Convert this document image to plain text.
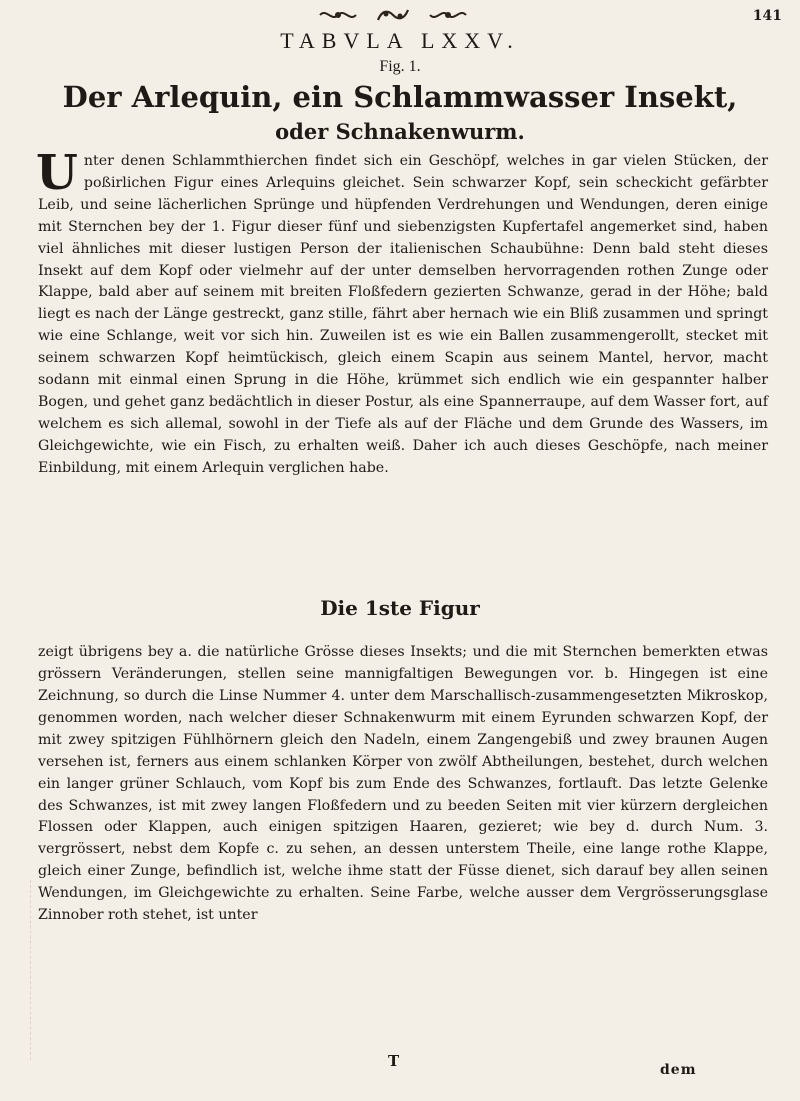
141
TABVLA LXXV.
Fig. 1.
Der Arlequin, ein Schlammwasser Insekt,
oder Schnakenwurm.

Unter denen Schlammthierchen findet sich ein Geschöpf, welches in gar vielen Stücken, der poßirlichen Figur eines Arlequins gleichet. Sein schwarzer Kopf, sein scheckicht gefärbter Leib, und seine lächerlichen Sprünge und hüpfenden Verdrehungen und Wendungen, deren einige mit Sternchen bey der 1. Figur dieser fünf und siebenzigsten Kupfertafel angemerket sind, haben viel ähnliches mit dieser lustigen Person der italienischen Schaubühne: Denn bald steht dieses Insekt auf dem Kopf oder vielmehr auf der unter demselben hervorragenden rothen Zunge oder Klappe, bald aber auf seinem mit breiten Floßfedern gezierten Schwanze, gerad in der Höhe; bald liegt es nach der Länge gestreckt, ganz stille, fährt aber hernach wie ein Bliß zusammen und springt wie eine Schlange, weit vor sich hin. Zuweilen ist es wie ein Ballen zusammengerollt, stecket mit seinem schwarzen Kopf heimtückisch, gleich einem Scapin aus seinem Mantel, hervor, macht sodann mit einmal einen Sprung in die Höhe, krümmet sich endlich wie ein gespannter halber Bogen, und gehet ganz bedächtlich in dieser Postur, als eine Spannerraupe, auf dem Wasser fort, auf welchem es sich allemal, sowohl in der Tiefe als auf der Fläche und dem Grunde des Wassers, im Gleichgewichte, wie ein Fisch, zu erhalten weiß. Daher ich auch dieses Geschöpfe, nach meiner Einbildung, mit einem Arlequin verglichen habe.

Die 1ste Figur

zeigt übrigens bey a. die natürliche Grösse dieses Insekts; und die mit Sternchen bemerkten etwas grössern Veränderungen, stellen seine mannigfaltigen Bewegungen vor. b. Hingegen ist eine Zeichnung, so durch die Linse Nummer 4. unter dem Marschallisch-zusammengesetzten Mikroskop, genommen worden, nach welcher dieser Schnakenwurm mit einem Eyrunden schwarzen Kopf, der mit zwey spitzigen Fühlhörnern gleich den Nadeln, einem Zangengebiß und zwey braunen Augen versehen ist, ferners aus einem schlanken Körper von zwölf Abtheilungen, bestehet, durch welchen ein langer grüner Schlauch, vom Kopf bis zum Ende des Schwanzes, fortlauft. Das letzte Gelenke des Schwanzes, ist mit zwey langen Floßfedern und zu beeden Seiten mit vier kürzern dergleichen Flossen oder Klappen, auch einigen spitzigen Haaren, gezieret; wie bey d. durch Num. 3. vergrössert, nebst dem Kopfe c. zu sehen, an dessen unterstem Theile, eine lange rothe Klappe, gleich einer Zunge, befindlich ist, welche ihme statt der Füsse dienet, sich darauf bey allen seinen Wendungen, im Gleichgewichte zu erhalten. Seine Farbe, welche ausser dem Vergrösserungsglase Zinnober roth stehet, ist unter

T	dem
